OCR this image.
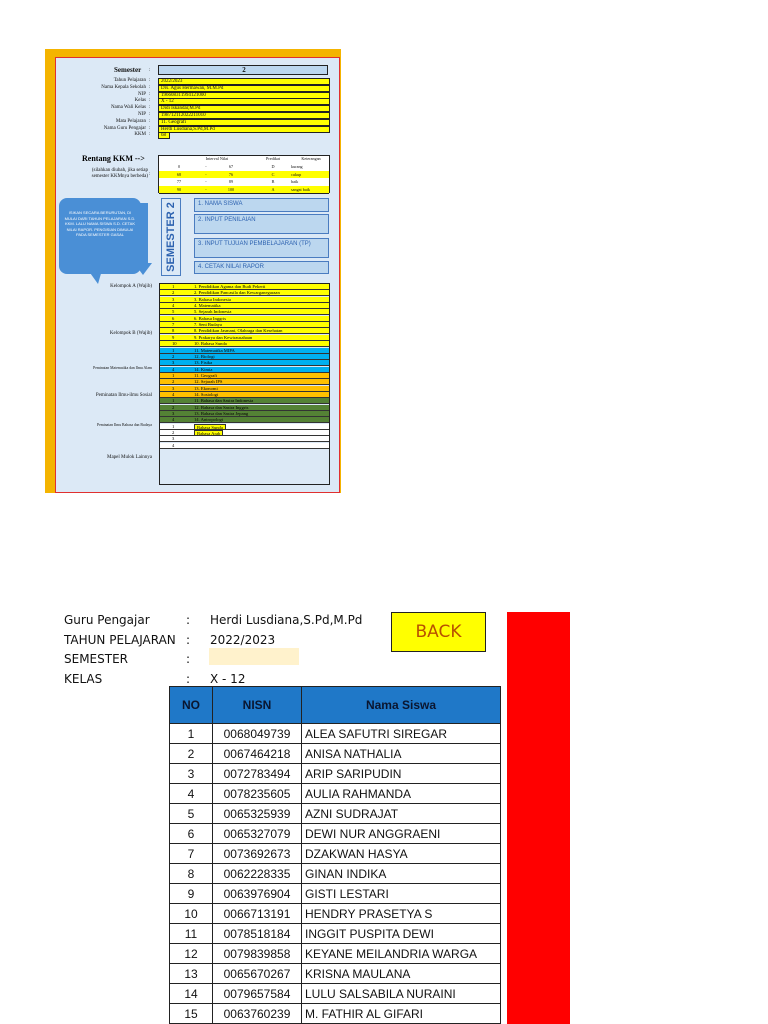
Semester :	2
Tahun Pelajaran :	2022/2023
Nama Kepala Sekolah :	Drs. Agus Hermawan, M.M.Pd
NIP :	196608311994121000
Kelas :	X - 12
Nama Wali Kelas :	Didi Iskandar,M.Pd
NIP :	198712112022211010
Mata Pelajaran :	11. Geografi
Nama Guru Pengajar :	Herdi Lusdiana,S.Pd,M.Pd
KKM :	68
Rentang KKM -->
(silahkan diubah, jika setiap semester KKMnya berbeda) :
Interval Nilai	Predikat	Keterangan
0	-	67	D	kurang
68	-	76	C	cukup
77	-	89	B	baik
90	-	100	A	sangat baik
ISIKAN SECARA BERURUTAN, DI MULAI DARI TAHUN PELAJARAN S.D. KKM. LALU NAMA SISWA S.D. CETAK NILAI RAPOR. PENGISIAN DIMULAI PADA SEMESTER GASAL	SEMESTER 2	1. NAMA SISWA
2. INPUT PENILAIAN
3. INPUT TUJUAN PEMBELAJARAN (TP)
4. CETAK NILAI RAPOR
Kelompok A (Wajib)
Kelompok B (Wajib)
Peminatan Matematika dan Ilmu Alam
Peminatan Ilmu-ilmu Sosial
Peminatan Ilmu Bahasa dan Budaya
Mapel Mulok Lainnya
1	1. Pendidikan Agama dan Budi Pekerti
2	2. Pendidikan Pancasila dan Kewarganegaraan
3	3. Bahasa Indonesia
4	4. Matematika
5	5. Sejarah Indonesia
6	6. Bahasa Inggris
7	7. Seni Budaya
8	8. Pendidikan Jasmani, Olahraga dan Kesehatan
9	9. Prakarya dan Kewirausahaan
10	10. Bahasa Sunda
1	11. Matematika MIPA
2	12. Biologi
3	13. Fisika
4	14. Kimia
1	11. Geografi
2	12. Sejarah IPS
3	13. Ekonomi
4	14. Sosiologi
1	11. Bahasa dan Sastra Indonesia
2	12. Bahasa dan Sastra Inggris
3	13. Bahasa dan Sastra Jepang
4	14. Antropologi
1	Bahasa Sunda
2	Bahasa Arab
3
4
Guru Pengajar	: Herdi Lusdiana,S.Pd,M.Pd
TAHUN PELAJARAN : 2022/2023
SEMESTER	:
KELAS	: X - 12
BACK
NO	NISN	Nama Siswa
1	0068049739	ALEA SAFUTRI SIREGAR
2	0067464218	ANISA NATHALIA
3	0072783494	ARIP SARIPUDIN
4	0078235605	AULIA RAHMANDA
5	0065325939	AZNI SUDRAJAT
6	0065327079	DEWI NUR ANGGRAENI
7	0073692673	DZAKWAN HASYA
8	0062228335	GINAN INDIKA
9	0063976904	GISTI LESTARI
10	0066713191	HENDRY PRASETYA S
11	0078518184	INGGIT PUSPITA DEWI
12	0079839858	KEYANE MEILANDRIA WARGA
13	0065670267	KRISNA MAULANA
14	0079657584	LULU SALSABILA NURAINI
15	0063760239	M. FATHIR AL GIFARI
